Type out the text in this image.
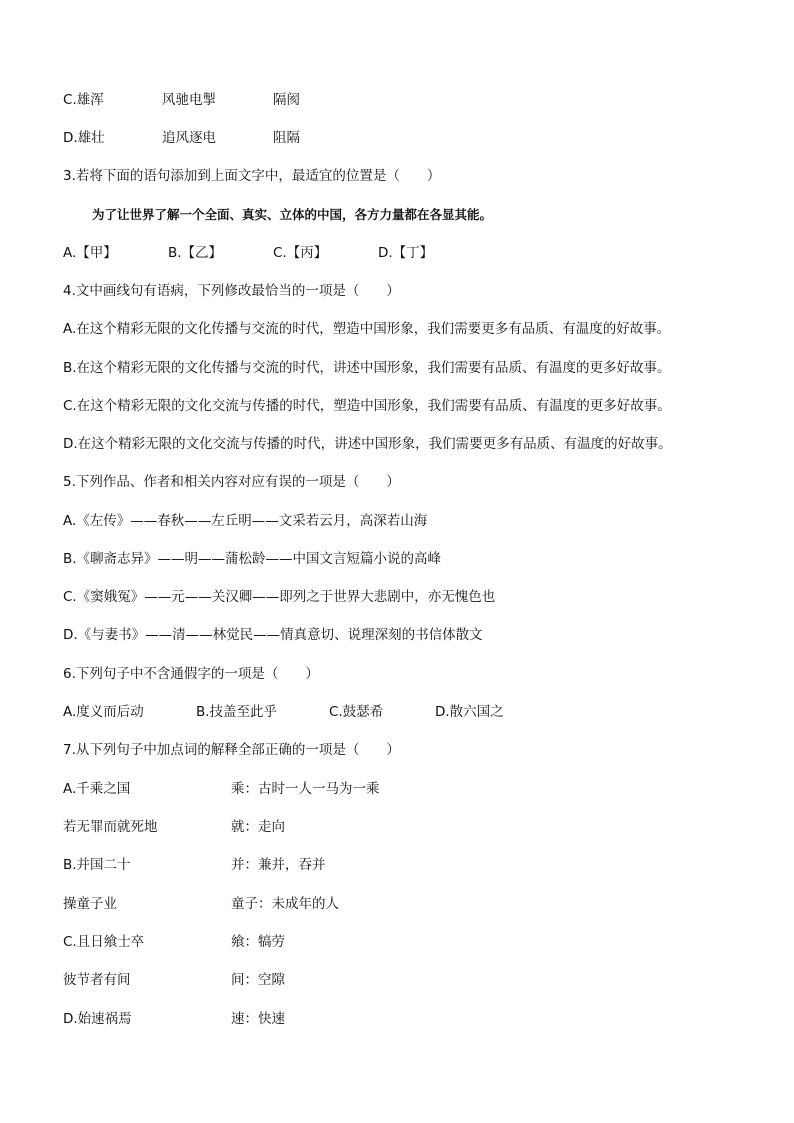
C.雄浑	风驰电掣	隔阂
D.雄壮	追风逐电	阻隔
3.若将下面的语句添加到上面文字中，最适宜的位置是（　　）
为了让世界了解一个全面、真实、立体的中国，各方力量都在各显其能。
A.【甲】	B.【乙】	C.【丙】	D.【丁】
4.文中画线句有语病，下列修改最恰当的一项是（　　）
A.在这个精彩无限的文化传播与交流的时代，塑造中国形象，我们需要更多有品质、有温度的好故事。
B.在这个精彩无限的文化传播与交流的时代，讲述中国形象，我们需要有品质、有温度的更多好故事。
C.在这个精彩无限的文化交流与传播的时代，塑造中国形象，我们需要有品质、有温度的更多好故事。
D.在这个精彩无限的文化交流与传播的时代，讲述中国形象，我们需要更多有品质、有温度的好故事。
5.下列作品、作者和相关内容对应有误的一项是（　　）
A.《左传》——春秋——左丘明——文采若云月，高深若山海
B.《聊斋志异》——明——蒲松龄——中国文言短篇小说的高峰
C.《窦娥冤》——元——关汉卿——即列之于世界大悲剧中，亦无愧色也
D.《与妻书》——清——林觉民——情真意切、说理深刻的书信体散文
6.下列句子中不含通假字的一项是（　　）
A.度义而后动	B.技盖至此乎	C.鼓瑟希	D.散六国之
7.从下列句子中加点词的解释全部正确的一项是（　　）
A.千乘之国	乘：古时一人一马为一乘
若无罪而就死地	就：走向
B.并国二十	并：兼并，吞并
操童子业	童子：未成年的人
C.且日飨士卒	飨：犒劳
彼节者有间	间：空隙
D.始速祸焉	速：快速
